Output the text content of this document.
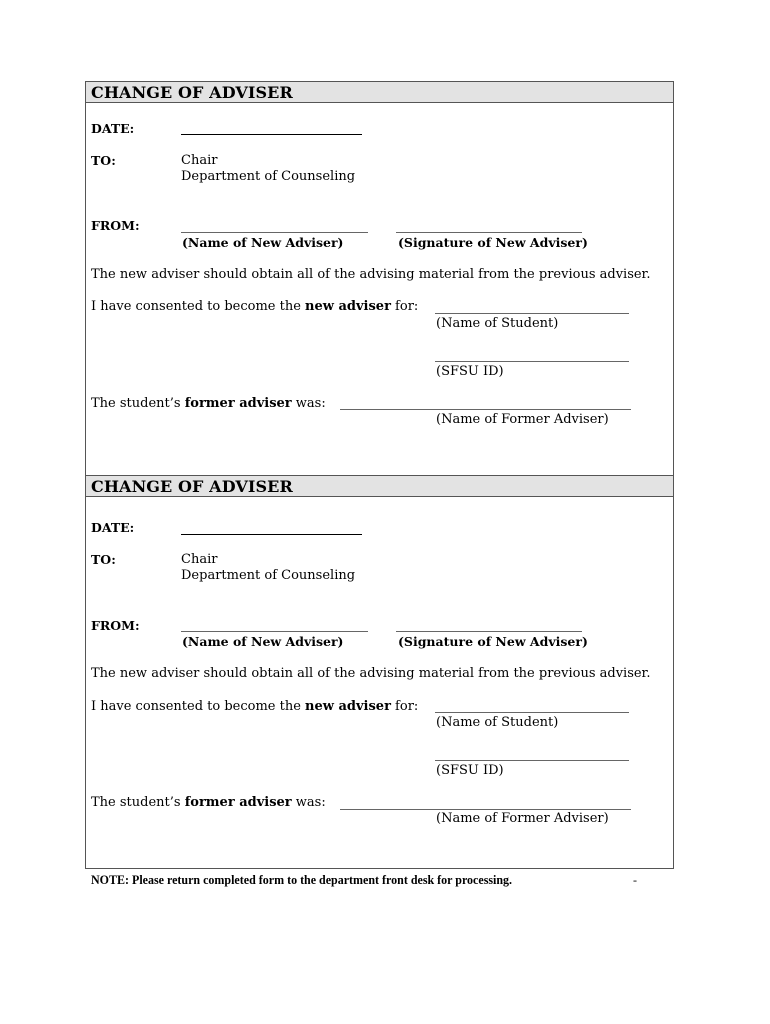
CHANGE OF ADVISER
DATE:
TO:	Chair
Department of Counseling
FROM:
(Name of New Adviser)	(Signature of New Adviser)
The new adviser should obtain all of the advising material from the previous adviser.
I have consented to become the new adviser for:
(Name of Student)
(SFSU ID)
The student’s former adviser was:
(Name of Former Adviser)
CHANGE OF ADVISER
DATE:
TO:	Chair
Department of Counseling
FROM:
(Name of New Adviser)	(Signature of New Adviser)
The new adviser should obtain all of the advising material from the previous adviser.
I have consented to become the new adviser for:
(Name of Student)
(SFSU ID)
The student’s former adviser was:
(Name of Former Adviser)
NOTE: Please return completed form to the department front desk for processing.	-
